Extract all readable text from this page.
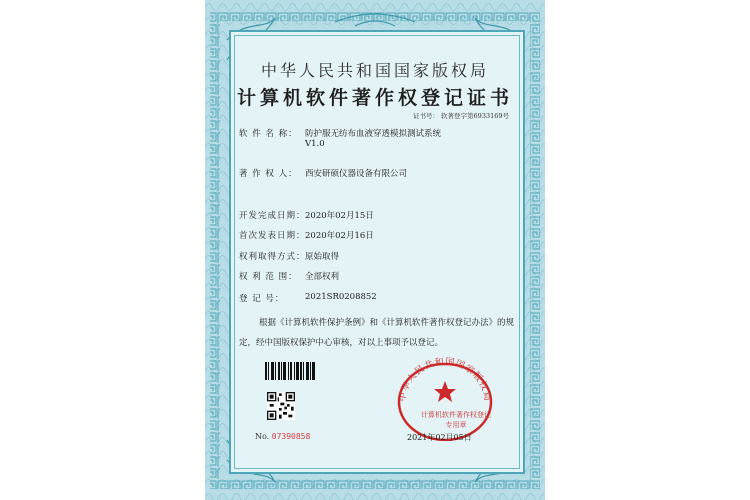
中华人民共和国国家版权局
计算机软件著作权登记证书
证书号： 软著登字第6933169号
软 件 名 称： 防护服无纺布血液穿透模拟测试系统
V1.0
著 作 权 人： 西安研硕仪器设备有限公司
开发完成日期： 2020年02月15日
首次发表日期： 2020年02月16日
权利取得方式： 原始取得
权 利 范 围： 全部权利
登 记 号： 2021SR0208852
根据《计算机软件保护条例》和《计算机软件著作权登记办法》的规定，经中国版权保护中心审核，对以上事项予以登记。
No. 07390858
中华人民共和国国家版权局
计算机软件著作权登记专用章
2021年02月05日
